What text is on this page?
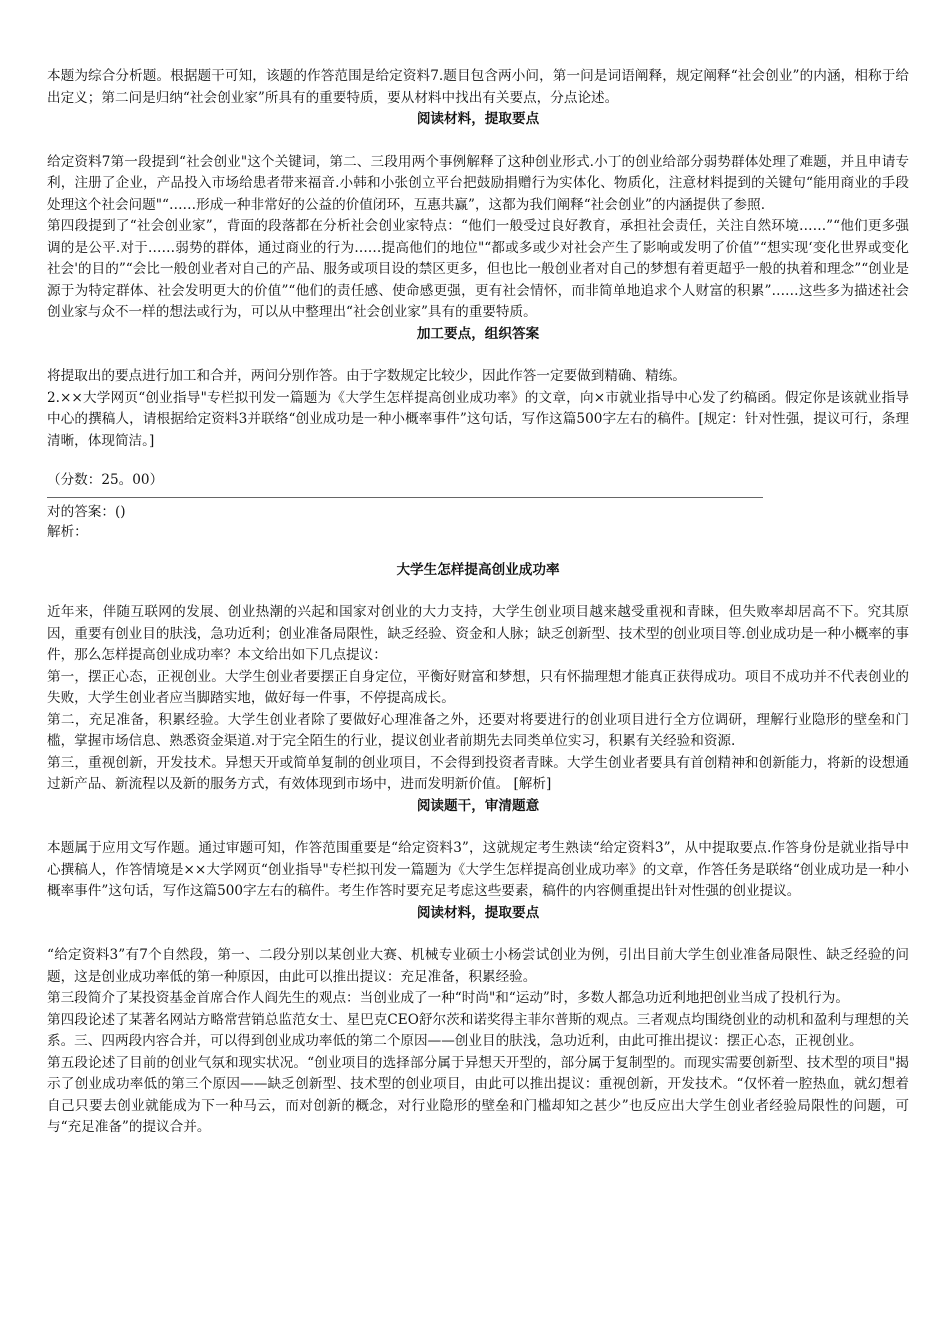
本题为综合分析题。根据题干可知，该题的作答范围是给定资料7.题目包含两小问，第一问是词语阐释，规定阐释“社会创业”的内涵，相称于给出定义；第二问是归纳“社会创业家”所具有的重要特质，要从材料中找出有关要点，分点论述。

阅读材料，提取要点

给定资料7第一段提到“社会创业"这个关键词，第二、三段用两个事例解释了这种创业形式.小丁的创业给部分弱势群体处理了难题，并且申请专利，注册了企业，产品投入市场给患者带来福音.小韩和小张创立平台把鼓励捐赠行为实体化、物质化，注意材料提到的关键句“能用商业的手段处理这个社会问题"“……形成一种非常好的公益的价值闭环，互惠共赢”，这都为我们阐释“社会创业”的内涵提供了参照.

第四段提到了“社会创业家”，背面的段落都在分析社会创业家特点：“他们一般受过良好教育，承担社会责任，关注自然环境……”“他们更多强调的是公平.对于……弱势的群体，通过商业的行为……提高他们的地位"“都或多或少对社会产生了影响或发明了价值”“想实现‘变化世界或变化社会'的目的”“会比一般创业者对自己的产品、服务或项目设的禁区更多，但也比一般创业者对自己的梦想有着更超乎一般的执着和理念”“创业是源于为特定群体、社会发明更大的价值”“他们的责任感、使命感更强，更有社会情怀，而非简单地追求个人财富的积累”……这些多为描述社会创业家与众不一样的想法或行为，可以从中整理出“社会创业家”具有的重要特质。

加工要点，组织答案

将提取出的要点进行加工和合并，两问分别作答。由于字数规定比较少，因此作答一定要做到精确、精练。

2.××大学网页“创业指导"专栏拟刊发一篇题为《大学生怎样提高创业成功率》的文章，向×市就业指导中心发了约稿函。假定你是该就业指导中心的撰稿人，请根据给定资料3并联络“创业成功是一种小概率事件”这句话，写作这篇500字左右的稿件。[规定：针对性强，提议可行，条理清晰，体现简洁。]

（分数：25。00）

对的答案：()

解析：

大学生怎样提高创业成功率

近年来，伴随互联网的发展、创业热潮的兴起和国家对创业的大力支持，大学生创业项目越来越受重视和青睐，但失败率却居高不下。究其原因，重要有创业目的肤浅，急功近利；创业准备局限性，缺乏经验、资金和人脉；缺乏创新型、技术型的创业项目等.创业成功是一种小概率的事件，那么怎样提高创业成功率？本文给出如下几点提议：

第一，摆正心态，正视创业。大学生创业者要摆正自身定位，平衡好财富和梦想，只有怀揣理想才能真正获得成功。项目不成功并不代表创业的失败，大学生创业者应当脚踏实地，做好每一件事，不停提高成长。

第二，充足准备，积累经验。大学生创业者除了要做好心理准备之外，还要对将要进行的创业项目进行全方位调研，理解行业隐形的壁垒和门槛，掌握市场信息、熟悉资金渠道.对于完全陌生的行业，提议创业者前期先去同类单位实习，积累有关经验和资源.

第三，重视创新，开发技术。异想天开或简单复制的创业项目，不会得到投资者青睐。大学生创业者要具有首创精神和创新能力，将新的设想通过新产品、新流程以及新的服务方式，有效体现到市场中，进而发明新价值。 [解析]

阅读题干，审清题意

本题属于应用文写作题。通过审题可知，作答范围重要是“给定资料3”，这就规定考生熟读“给定资料3”，从中提取要点.作答身份是就业指导中心撰稿人，作答情境是××大学网页“创业指导"专栏拟刊发一篇题为《大学生怎样提高创业成功率》的文章，作答任务是联络“创业成功是一种小概率事件”这句话，写作这篇500字左右的稿件。考生作答时要充足考虑这些要素，稿件的内容侧重提出针对性强的创业提议。

阅读材料，提取要点

“给定资料3”有7个自然段，第一、二段分别以某创业大赛、机械专业硕士小杨尝试创业为例，引出目前大学生创业准备局限性、缺乏经验的问题，这是创业成功率低的第一种原因，由此可以推出提议：充足准备，积累经验。

第三段简介了某投资基金首席合作人阎先生的观点：当创业成了一种“时尚"和“运动”时，多数人都急功近利地把创业当成了投机行为。

第四段论述了某著名网站方略常营销总监范女士、星巴克CEO舒尔茨和诺奖得主菲尔普斯的观点。三者观点均围绕创业的动机和盈利与理想的关系。三、四两段内容合并，可以得到创业成功率低的第二个原因——创业目的肤浅，急功近利，由此可推出提议：摆正心态，正视创业。

第五段论述了目前的创业气氛和现实状况。“创业项目的选择部分属于异想天开型的，部分属于复制型的。而现实需要创新型、技术型的项目"揭示了创业成功率低的第三个原因——缺乏创新型、技术型的创业项目，由此可以推出提议：重视创新，开发技术。“仅怀着一腔热血，就幻想着自己只要去创业就能成为下一种马云，而对创新的概念，对行业隐形的壁垒和门槛却知之甚少”也反应出大学生创业者经验局限性的问题，可与“充足准备”的提议合并。
